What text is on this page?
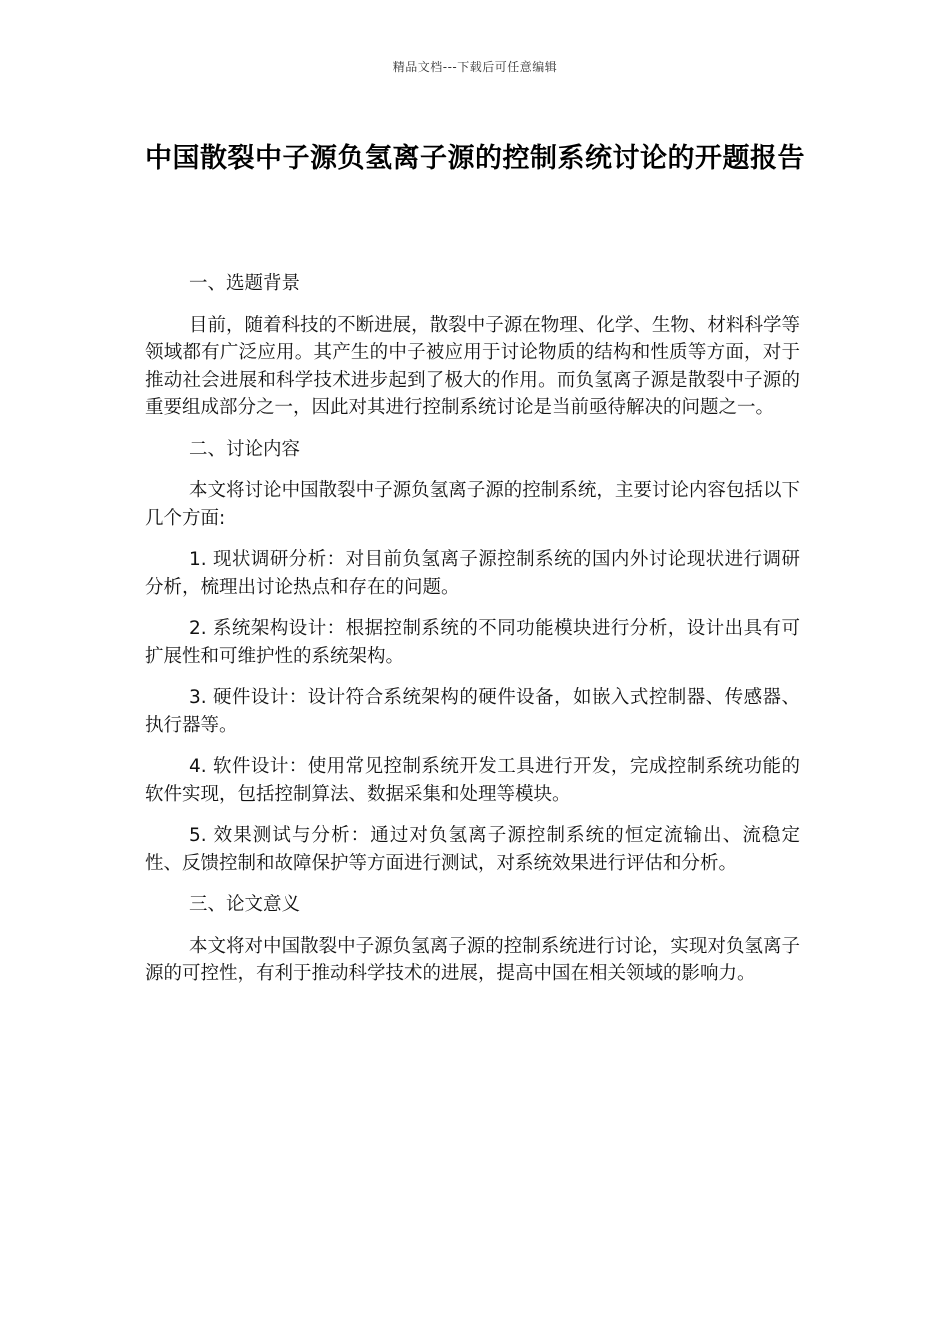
精品文档---下载后可任意编辑
中国散裂中子源负氢离子源的控制系统讨论的开题报告

一、选题背景

目前，随着科技的不断进展，散裂中子源在物理、化学、生物、材料科学等领域都有广泛应用。其产生的中子被应用于讨论物质的结构和性质等方面，对于推动社会进展和科学技术进步起到了极大的作用。而负氢离子源是散裂中子源的重要组成部分之一，因此对其进行控制系统讨论是当前亟待解决的问题之一。

二、讨论内容

本文将讨论中国散裂中子源负氢离子源的控制系统，主要讨论内容包括以下几个方面:

1. 现状调研分析：对目前负氢离子源控制系统的国内外讨论现状进行调研分析，梳理出讨论热点和存在的问题。

2. 系统架构设计：根据控制系统的不同功能模块进行分析，设计出具有可扩展性和可维护性的系统架构。

3. 硬件设计：设计符合系统架构的硬件设备，如嵌入式控制器、传感器、执行器等。

4. 软件设计：使用常见控制系统开发工具进行开发，完成控制系统功能的软件实现，包括控制算法、数据采集和处理等模块。

5. 效果测试与分析：通过对负氢离子源控制系统的恒定流输出、流稳定性、反馈控制和故障保护等方面进行测试，对系统效果进行评估和分析。

三、论文意义

本文将对中国散裂中子源负氢离子源的控制系统进行讨论，实现对负氢离子源的可控性，有利于推动科学技术的进展，提高中国在相关领域的影响力。
